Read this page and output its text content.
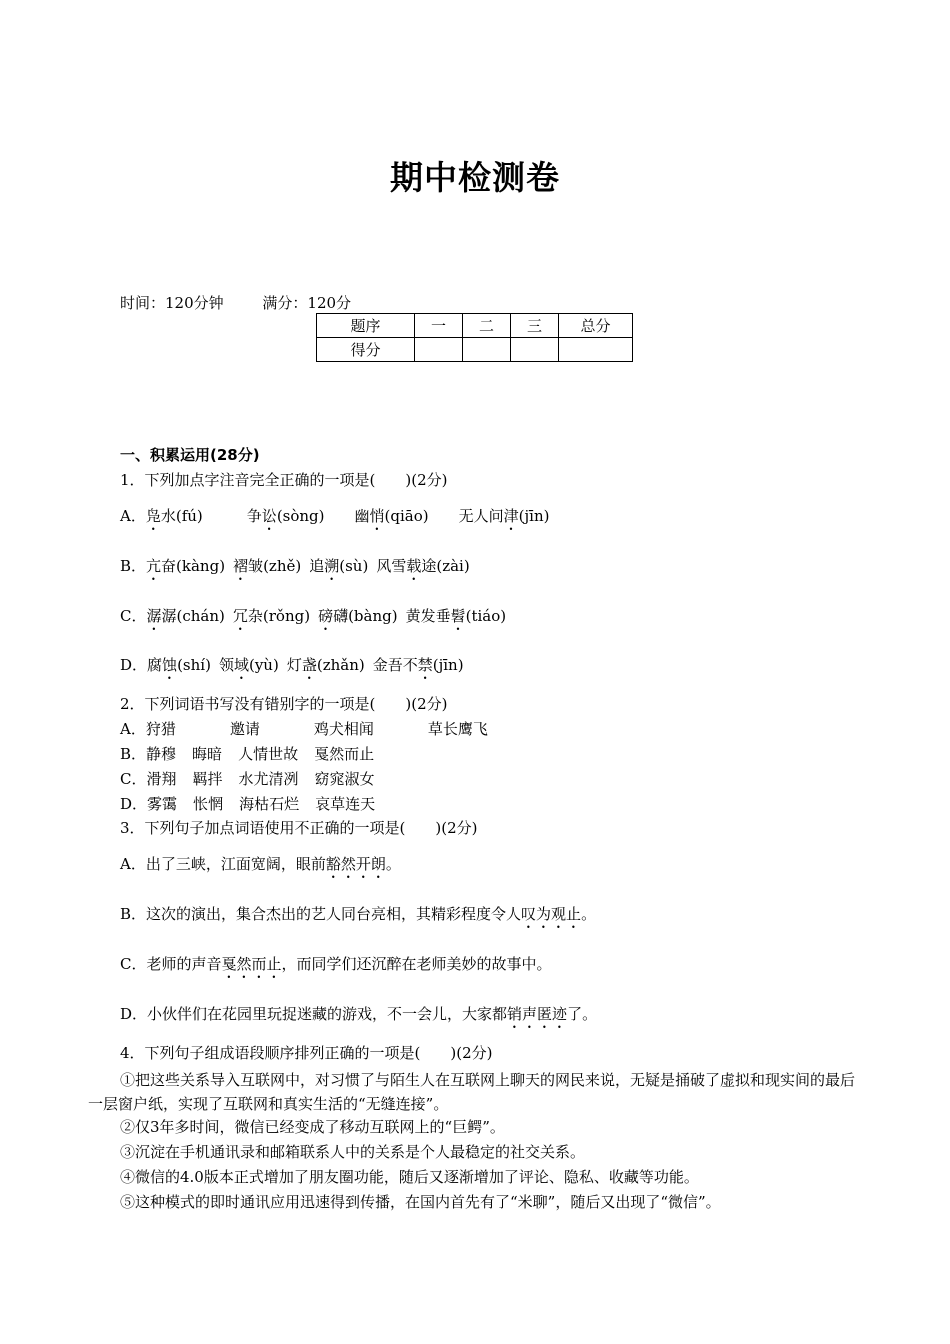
期中检测卷
时间：120分钟	满分：120分
题序	一	二	三	总分
得分				
一、积累运用(28分)
1．下列加点字注音完全正确的一项是(　　)(2分)
A．凫水(fú)	争讼(sòng) 幽悄(qiāo) 无人问津(jīn)
B．亢奋(kàng) 褶皱(zhě) 追溯(sù) 风雪载途(zài)
C．潺潺(chán) 冗杂(rǒng) 磅礴(bàng) 黄发垂髫(tiáo)
D．腐蚀(shí) 领域(yù) 灯盏(zhǎn) 金吾不禁(jīn)
2．下列词语书写没有错别字的一项是(　　)(2分)
A．狩猎	邀请	鸡犬相闻	草长鹰飞
B．静穆 晦暗 人情世故 戛然而止
C．滑翔 羁拌 水尤清冽 窈窕淑女
D．雾霭 怅惘 海枯石烂 哀草连天
3．下列句子加点词语使用不正确的一项是(　　)(2分)
A．出了三峡，江面宽阔，眼前豁然开朗。
B．这次的演出，集合杰出的艺人同台亮相，其精彩程度令人叹为观止。
C．老师的声音戛然而止，而同学们还沉醉在老师美妙的故事中。
D．小伙伴们在花园里玩捉迷藏的游戏，不一会儿，大家都销声匿迹了。
4．下列句子组成语段顺序排列正确的一项是(　　)(2分)
①把这些关系导入互联网中，对习惯了与陌生人在互联网上聊天的网民来说，无疑是捅破了虚拟和现实间的最后一层窗户纸，实现了互联网和真实生活的“无缝连接”。
②仅3年多时间，微信已经变成了移动互联网上的“巨鳄”。
③沉淀在手机通讯录和邮箱联系人中的关系是个人最稳定的社交关系。
④微信的4.0版本正式增加了朋友圈功能，随后又逐渐增加了评论、隐私、收藏等功能。
⑤这种模式的即时通讯应用迅速得到传播，在国内首先有了“米聊”，随后又出现了“微信”。
